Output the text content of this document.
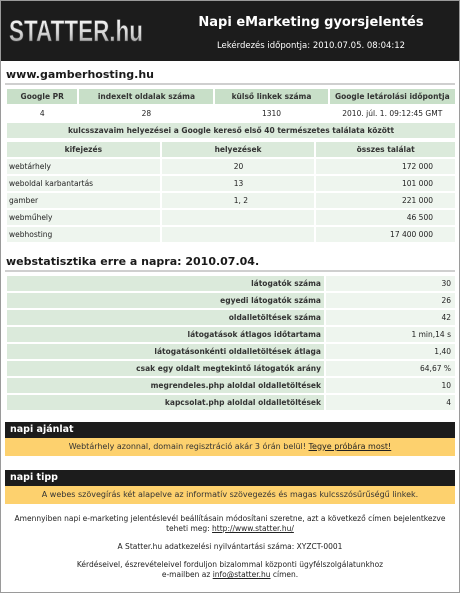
STATTER.hu	Napi eMarketing gyorsjelentés
Lekérdezés időpontja: 2010.07.05. 08:04:12
www.gamberhosting.hu
Google PR	indexelt oldalak száma	külső linkek száma	Google letárolási időpontja
4	28	1310	2010. júl. 1. 09:12:45 GMT
kulcsszavaim helyezései a Google kereső első 40 természetes találata között			
kifejezés	helyezések	összes találat
webtárhely	20	172 000
weboldal karbantartás	13	101 000
gamber	1, 2	221 000
webműhely		46 500
webhosting		17 400 000
webstatisztika erre a napra: 2010.07.04.
látogatók száma	30
egyedi látogatók száma	26
oldalletöltések száma	42
látogatások átlagos időtartama	1 min,14 s
látogatásonkénti oldalletöltések átlaga	1,40
csak egy oldalt megtekintő látogatók arány	64,67 %
megrendeles.php aloldal oldalletöltések	10
kapcsolat.php aloldal oldalletöltések	4
napi ajánlat
Webtárhely azonnal, domain regisztráció akár 3 órán belül! Tegye próbára most!
napi tipp
A webes szövegírás két alapelve az informatív szövegezés és magas kulcsszósűrűségű linkek.

Amennyiben napi e-marketing jelentéslevél beállításain módosítani szeretne, azt a következő címen bejelentkezve teheti meg: http://www.statter.hu/

A Statter.hu adatkezelési nyilvántartási száma: XYZCT-0001

Kérdéseivel, észrevételeivel forduljon bizalommal központi ügyfélszolgálatunkhoz
e-mailben az info@statter.hu címen.
